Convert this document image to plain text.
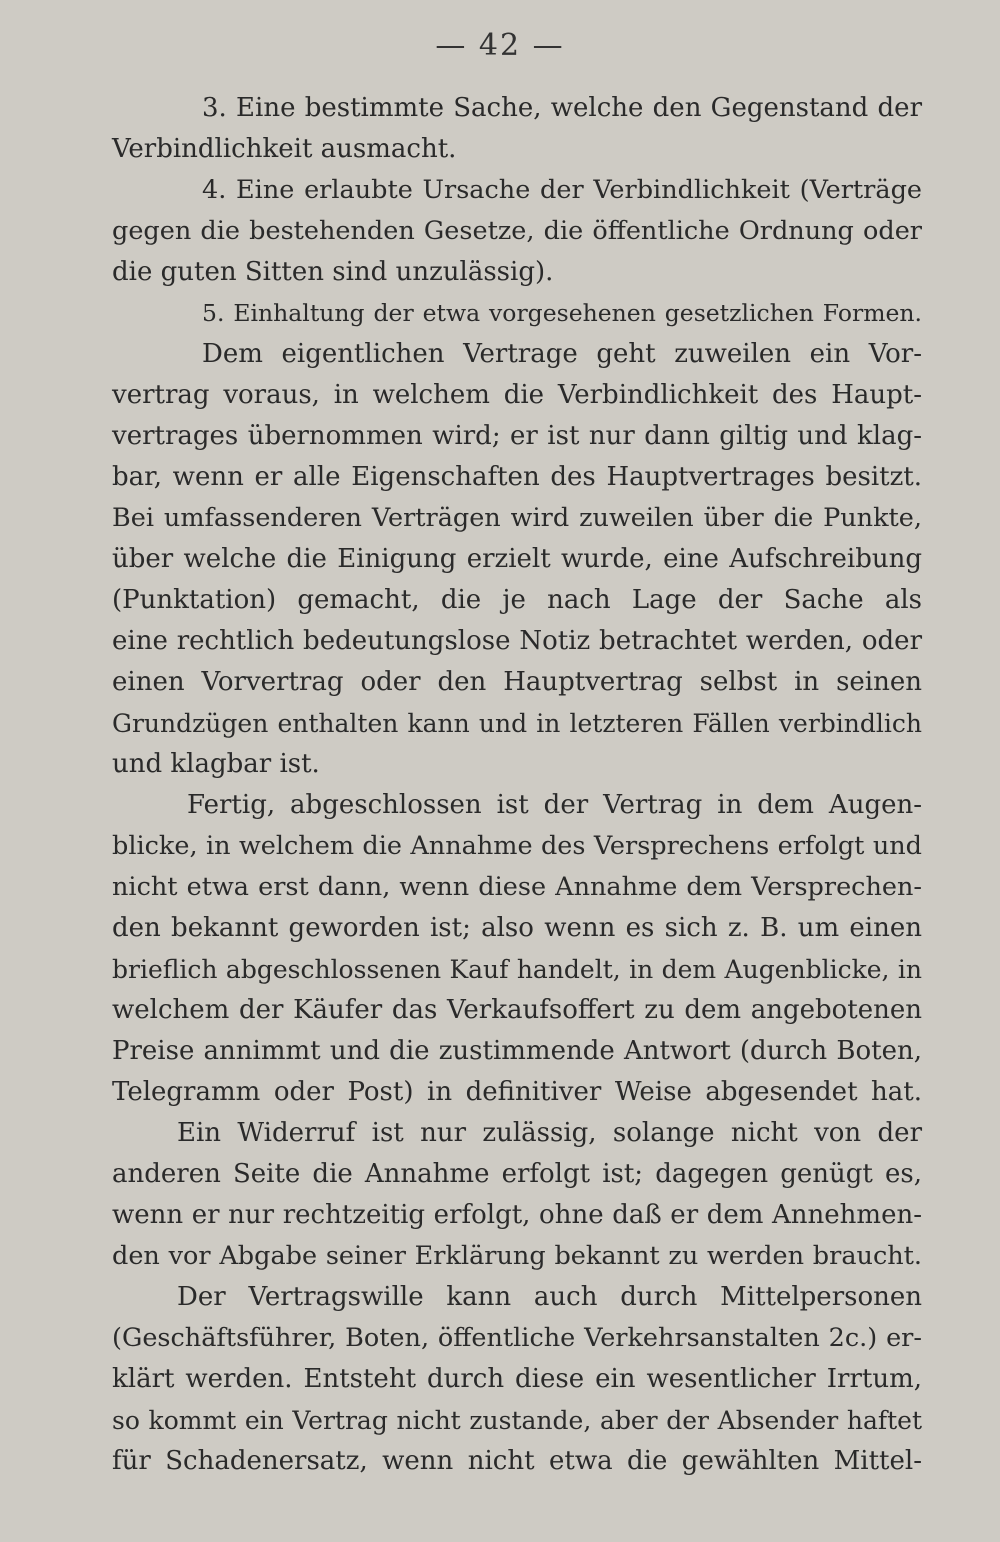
— 42 —
3. Eine bestimmte Sache, welche den Gegenstand der
Verbindlichkeit ausmacht.
4. Eine erlaubte Ursache der Verbindlichkeit (Verträge
gegen die bestehenden Gesetze, die öffentliche Ordnung oder
die guten Sitten sind unzulässig).
5. Einhaltung der etwa vorgesehenen gesetzlichen Formen.
Dem eigentlichen Vertrage geht zuweilen ein Vor-
vertrag voraus, in welchem die Verbindlichkeit des Haupt-
vertrages übernommen wird; er ist nur dann giltig und klag-
bar, wenn er alle Eigenschaften des Hauptvertrages besitzt.
Bei umfassenderen Verträgen wird zuweilen über die Punkte,
über welche die Einigung erzielt wurde, eine Aufschreibung
(Punktation) gemacht, die je nach Lage der Sache als
eine rechtlich bedeutungslose Notiz betrachtet werden, oder
einen Vorvertrag oder den Hauptvertrag selbst in seinen
Grundzügen enthalten kann und in letzteren Fällen verbindlich
und klagbar ist.
Fertig, abgeschlossen ist der Vertrag in dem Augen-
blicke, in welchem die Annahme des Versprechens erfolgt und
nicht etwa erst dann, wenn diese Annahme dem Versprechen-
den bekannt geworden ist; also wenn es sich z. B. um einen
brieflich abgeschlossenen Kauf handelt, in dem Augenblicke, in
welchem der Käufer das Verkaufsoffert zu dem angebotenen
Preise annimmt und die zustimmende Antwort (durch Boten,
Telegramm oder Post) in definitiver Weise abgesendet hat.
Ein Widerruf ist nur zulässig, solange nicht von der
anderen Seite die Annahme erfolgt ist; dagegen genügt es,
wenn er nur rechtzeitig erfolgt, ohne daß er dem Annehmen-
den vor Abgabe seiner Erklärung bekannt zu werden braucht.
Der Vertragswille kann auch durch Mittelpersonen
(Geschäftsführer, Boten, öffentliche Verkehrsanstalten 2c.) er-
klärt werden. Entsteht durch diese ein wesentlicher Irrtum,
so kommt ein Vertrag nicht zustande, aber der Absender haftet
für Schadenersatz, wenn nicht etwa die gewählten Mittel-
